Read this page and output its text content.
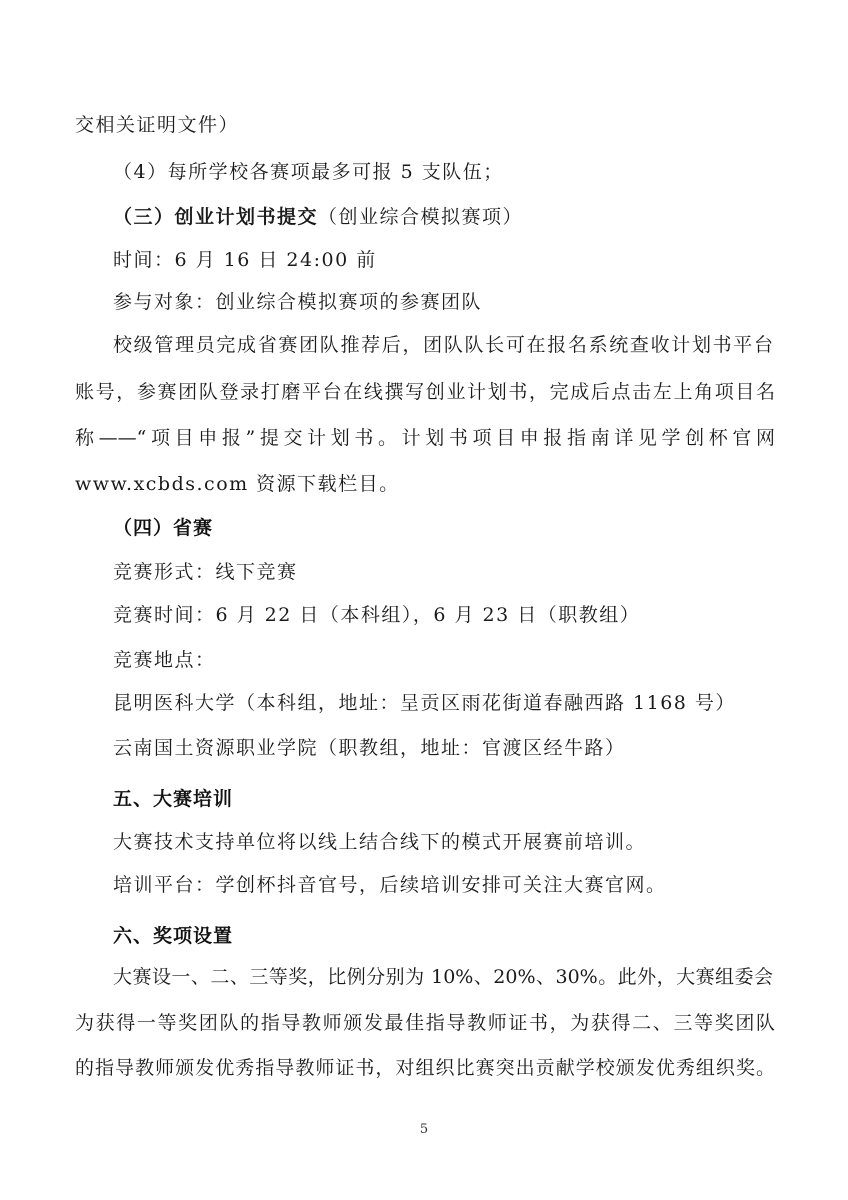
交相关证明文件）
（4）每所学校各赛项最多可报 5 支队伍；
（三）创业计划书提交（创业综合模拟赛项）
时间：6 月 16 日 24:00 前
参与对象：创业综合模拟赛项的参赛团队
校级管理员完成省赛团队推荐后，团队队长可在报名系统查收计划书平台
账号，参赛团队登录打磨平台在线撰写创业计划书，完成后点击左上角项目名
称——“项目申报”提交计划书。计划书项目申报指南详见学创杯官网
www.xcbds.com 资源下载栏目。
（四）省赛
竞赛形式：线下竞赛
竞赛时间：6 月 22 日（本科组），6 月 23 日（职教组）
竞赛地点：
昆明医科大学（本科组，地址：呈贡区雨花街道春融西路 1168 号）
云南国土资源职业学院（职教组，地址：官渡区经牛路）
五、大赛培训
大赛技术支持单位将以线上结合线下的模式开展赛前培训。
培训平台：学创杯抖音官号，后续培训安排可关注大赛官网。
六、奖项设置
大赛设一、二、三等奖，比例分别为 10%、20%、30%。此外，大赛组委会
为获得一等奖团队的指导教师颁发最佳指导教师证书，为获得二、三等奖团队
的指导教师颁发优秀指导教师证书，对组织比赛突出贡献学校颁发优秀组织奖。
5
